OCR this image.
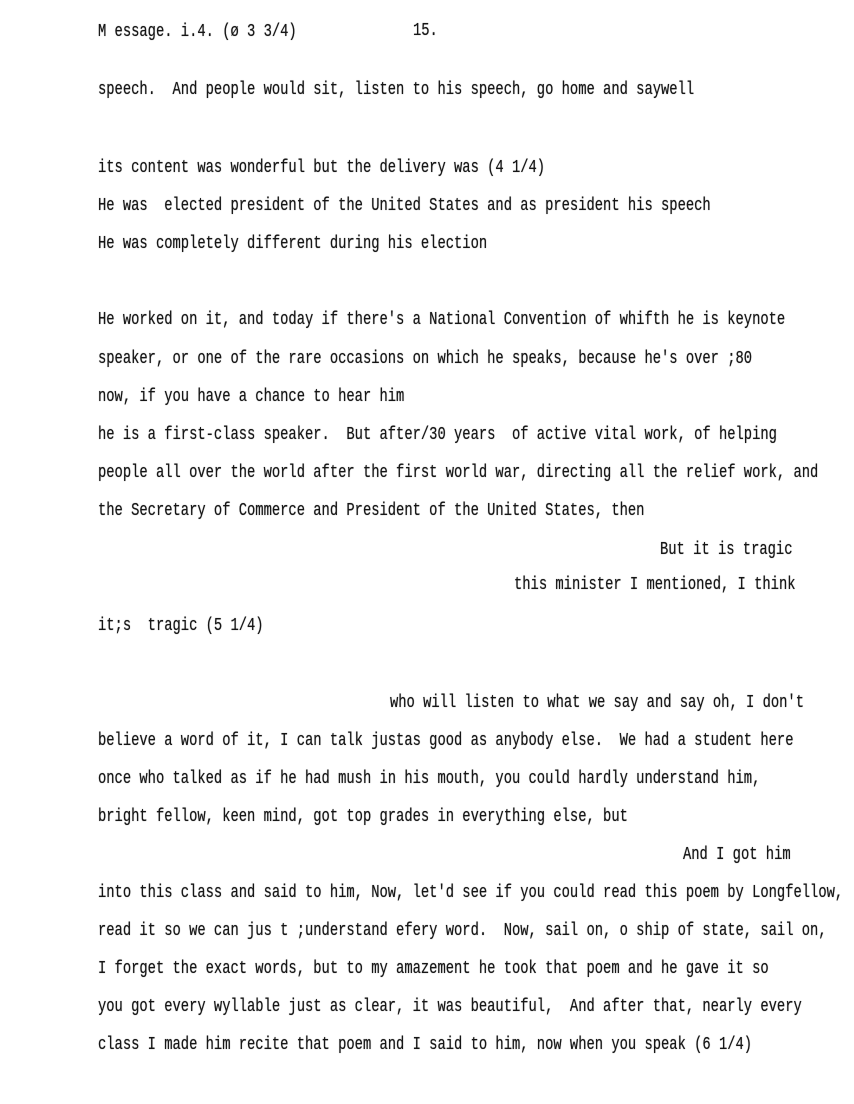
M essage. i.4. (ø 3 3/4)	15.
speech.  And people would sit, listen to his speech, go home and saywell
its content was wonderful but the delivery was (4 1/4)
He was  elected president of the United States and as president his speech
He was completely different during his election
He worked on it, and today if there's a National Convention of whifth he is keynote
speaker, or one of the rare occasions on which he speaks, because he's over ;80
now, if you have a chance to hear him
he is a first-class speaker.  But after/30 years  of active vital work, of helping
people all over the world after the first world war, directing all the relief work, and
the Secretary of Commerce and President of the United States, then
But it is tragic
this minister I mentioned, I think
it;s  tragic (5 1/4)
who will listen to what we say and say oh, I don't
believe a word of it, I can talk justas good as anybody else.  We had a student here
once who talked as if he had mush in his mouth, you could hardly understand him,
bright fellow, keen mind, got top grades in everything else, but
And I got him
into this class and said to him, Now, let'd see if you could read this poem by Longfellow,
read it so we can jus t ;understand efery word.  Now, sail on, o ship of state, sail on,
I forget the exact words, but to my amazement he took that poem and he gave it so
you got every wyllable just as clear, it was beautiful,  And after that, nearly every
class I made him recite that poem and I said to him, now when you speak (6 1/4)
